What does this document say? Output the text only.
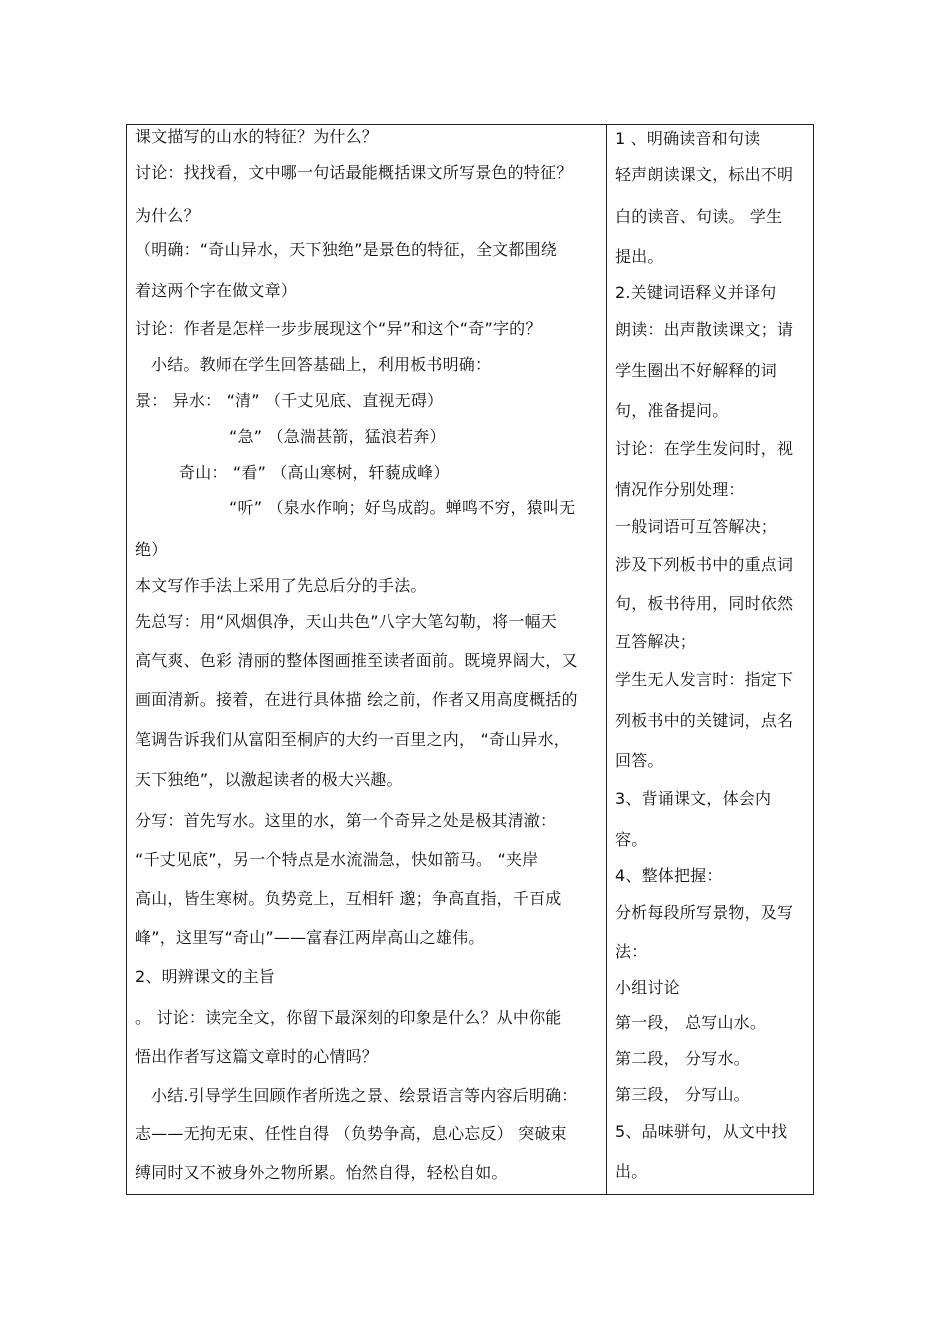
课文描写的山水的特征？为什么？
讨论：找找看，文中哪一句话最能概括课文所写景色的特征？
为什么？
（明确：“奇山异水，天下独绝”是景色的特征，全文都围绕
着这两个字在做文章）
讨论：作者是怎样一步步展现这个“异”和这个“奇”字的？
小结。教师在学生回答基础上，利用板书明确：
景： 异水： “清” （千丈见底、直视无碍）
“急” （急湍甚箭，猛浪若奔）
奇山： “看” （高山寒树，轩藐成峰）
“听” （泉水作响；好鸟成韵。蝉鸣不穷，猿叫无
绝）
本文写作手法上采用了先总后分的手法。
先总写：用“风烟俱净，天山共色”八字大笔勾勒，将一幅天
高气爽、色彩 清丽的整体图画推至读者面前。既境界阔大，又
画面清新。接着，在进行具体描 绘之前，作者又用高度概括的
笔调告诉我们从富阳至桐庐的大约一百里之内， “奇山异水，
天下独绝”，以激起读者的极大兴趣。
分写：首先写水。这里的水，第一个奇异之处是极其清澈：
“千丈见底”，另一个特点是水流湍急，快如箭马。 “夹岸
高山，皆生寒树。负势竞上，互相轩 邈；争高直指，千百成
峰”，这里写“奇山”——富春江两岸高山之雄伟。
2、明辨课文的主旨
。 讨论：读完全文，你留下最深刻的印象是什么？从中你能
悟出作者写这篇文章时的心情吗？
小结.引导学生回顾作者所选之景、绘景语言等内容后明确：
志——无拘无束、任性自得 （负势争高，息心忘反） 突破束
缚同时又不被身外之物所累。怡然自得，轻松自如。
1 、明确读音和句读
轻声朗读课文，标出不明
白的读音、句读。 学生
提出。
2.关键词语释义并译句
朗读：出声散读课文；请
学生圈出不好解释的词
句，准备提问。
讨论：在学生发问时，视
情况作分别处理：
一般词语可互答解决；
涉及下列板书中的重点词
句，板书待用，同时依然
互答解决；
学生无人发言时：指定下
列板书中的关键词，点名
回答。
3、背诵课文，体会内
容。
4、整体把握：
分析每段所写景物，及写
法：
小组讨论
第一段， 总写山水。
第二段， 分写水。
第三段， 分写山。
5、品味骈句，从文中找
出。
